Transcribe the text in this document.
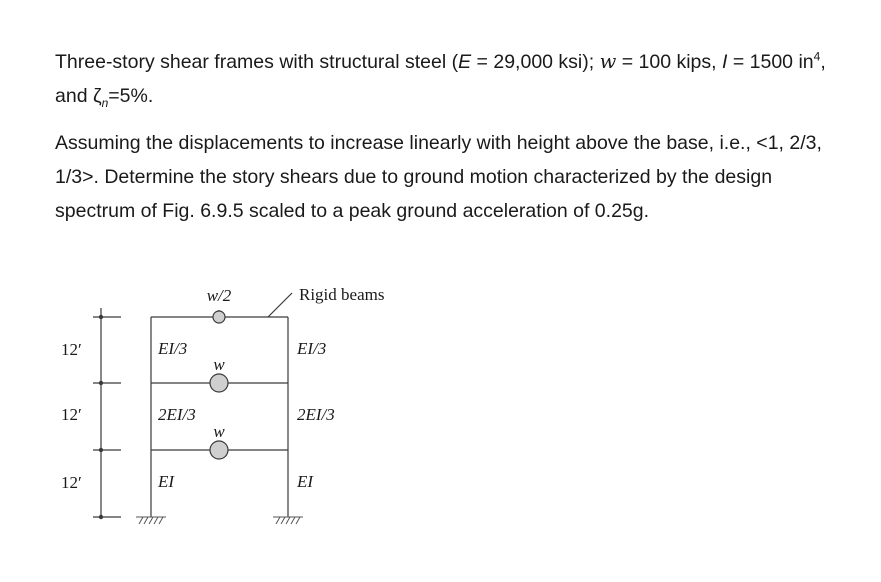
Three-story shear frames with structural steel (E = 29,000 ksi); w = 100 kips, I = 1500 $in^4$, and $\zeta_n=5\%$.

Assuming the displacements to increase linearly with height above the base, i.e., <1, 2/3, 1/3>. Determine the story shears due to ground motion characterized by the design spectrum of Fig. 6.9.5 scaled to a peak ground acceleration of 0.25g.

w/2	Rigid beams
w
w
12′
12′
12′
EI/3
2EI/3
EI
EI/3
2EI/3
EI
